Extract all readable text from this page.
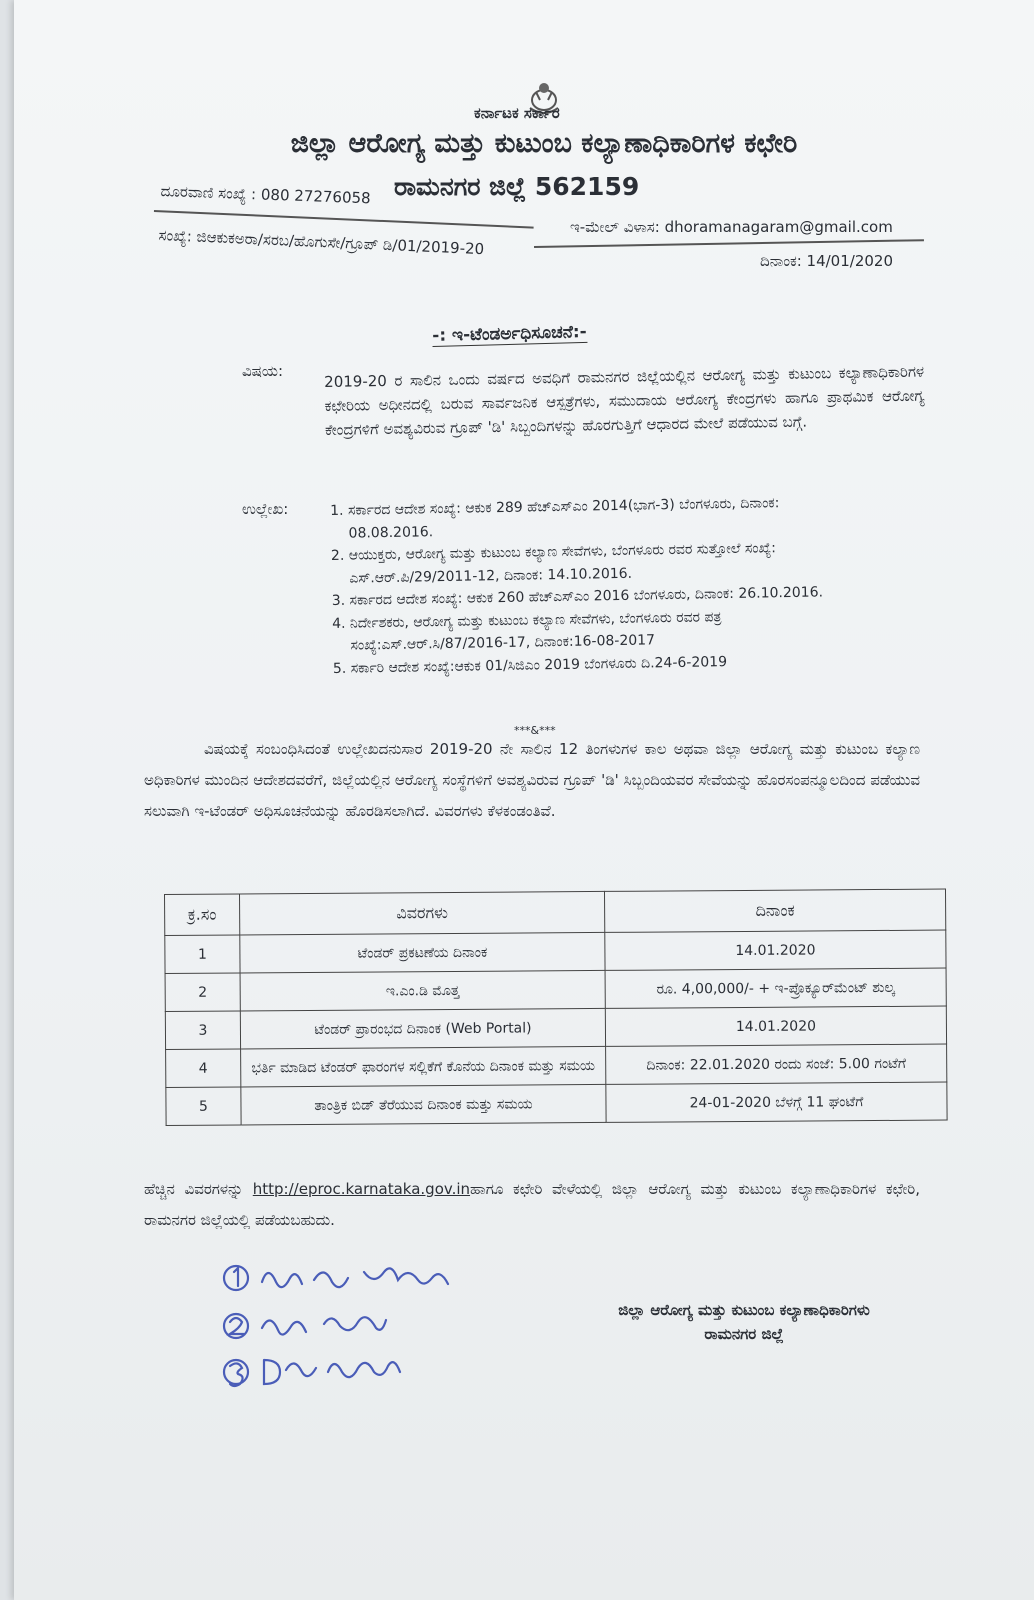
ಕರ್ನಾಟಕ ಸರ್ಕಾರ
ಜಿಲ್ಲಾ ಆರೋಗ್ಯ ಮತ್ತು ಕುಟುಂಬ ಕಲ್ಯಾಣಾಧಿಕಾರಿಗಳ ಕಛೇರಿ
ರಾಮನಗರ ಜಿಲ್ಲೆ 562159
ದೂರವಾಣಿ ಸಂಖ್ಯೆ : 080 27276058
ಇ-ಮೇಲ್ ವಿಳಾಸ: dhoramanagaram@gmail.com
ಸಂಖ್ಯೆ: ಜಿಆಕುಕಅರಾ/ಸರಬ/ಹೊಗುಸೇ/ಗ್ರೂಪ್ ಡಿ/01/2019-20
ದಿನಾಂಕ: 14/01/2020
-: ಇ-ಟೆಂಡರ್ಅಧಿಸೂಚನೆ:-
ವಿಷಯ:	2019-20 ರ ಸಾಲಿನ ಒಂದು ವರ್ಷದ ಅವಧಿಗೆ ರಾಮನಗರ ಜಿಲ್ಲೆಯಲ್ಲಿನ ಆರೋಗ್ಯ ಮತ್ತು ಕುಟುಂಬ ಕಲ್ಯಾಣಾಧಿಕಾರಿಗಳ ಕಛೇರಿಯ ಅಧೀನದಲ್ಲಿ ಬರುವ ಸಾರ್ವಜನಿಕ ಆಸ್ಪತ್ರೆಗಳು, ಸಮುದಾಯ ಆರೋಗ್ಯ ಕೇಂದ್ರಗಳು ಹಾಗೂ ಪ್ರಾಥಮಿಕ ಆರೋಗ್ಯ ಕೇಂದ್ರಗಳಿಗೆ ಅವಶ್ಯವಿರುವ ಗ್ರೂಪ್ 'ಡಿ' ಸಿಬ್ಬಂದಿಗಳನ್ನು ಹೊರಗುತ್ತಿಗೆ ಆಧಾರದ ಮೇಲೆ ಪಡೆಯುವ ಬಗ್ಗೆ.
ಉಲ್ಲೇಖ:	1. ಸರ್ಕಾರದ ಆದೇಶ ಸಂಖ್ಯೆ: ಆಕುಕ 289 ಹೆಚ್ಎಸ್ಎಂ 2014(ಭಾಗ-3) ಬೆಂಗಳೂರು, ದಿನಾಂಕ: 08.08.2016.
2. ಆಯುಕ್ತರು, ಆರೋಗ್ಯ ಮತ್ತು ಕುಟುಂಬ ಕಲ್ಯಾಣ ಸೇವೆಗಳು, ಬೆಂಗಳೂರು ರವರ ಸುತ್ತೋಲೆ ಸಂಖ್ಯೆ: ಎಸ್.ಆರ್.ಪಿ/29/2011-12, ದಿನಾಂಕ: 14.10.2016.
3. ಸರ್ಕಾರದ ಆದೇಶ ಸಂಖ್ಯೆ: ಆಕುಕ 260 ಹೆಚ್ಎಸ್ಎಂ 2016 ಬೆಂಗಳೂರು, ದಿನಾಂಕ: 26.10.2016.
4. ನಿರ್ದೇಶಕರು, ಆರೋಗ್ಯ ಮತ್ತು ಕುಟುಂಬ ಕಲ್ಯಾಣ ಸೇವೆಗಳು, ಬೆಂಗಳೂರು ರವರ ಪತ್ರ ಸಂಖ್ಯೆ:ಎಸ್.ಆರ್.ಸಿ/87/2016-17, ದಿನಾಂಕ:16-08-2017
5. ಸರ್ಕಾರಿ ಆದೇಶ ಸಂಖ್ಯೆ:ಆಕುಕ 01/ಸಿಜಿಎಂ 2019 ಬೆಂಗಳೂರು ದಿ.24-6-2019
***&***
ವಿಷಯಕ್ಕೆ ಸಂಬಂಧಿಸಿದಂತೆ ಉಲ್ಲೇಖದನುಸಾರ 2019-20 ನೇ ಸಾಲಿನ 12 ತಿಂಗಳುಗಳ ಕಾಲ ಅಥವಾ ಜಿಲ್ಲಾ ಆರೋಗ್ಯ ಮತ್ತು ಕುಟುಂಬ ಕಲ್ಯಾಣ ಅಧಿಕಾರಿಗಳ ಮುಂದಿನ ಆದೇಶದವರೆಗೆ, ಜಿಲ್ಲೆಯಲ್ಲಿನ ಆರೋಗ್ಯ ಸಂಸ್ಥೆಗಳಿಗೆ ಅವಶ್ಯವಿರುವ ಗ್ರೂಪ್ 'ಡಿ' ಸಿಬ್ಬಂದಿಯವರ ಸೇವೆಯನ್ನು ಹೊರಸಂಪನ್ಮೂಲದಿಂದ ಪಡೆಯುವ ಸಲುವಾಗಿ ಇ-ಟೆಂಡರ್ ಅಧಿಸೂಚನೆಯನ್ನು ಹೊರಡಿಸಲಾಗಿದೆ. ವಿವರಗಳು ಕೆಳಕಂಡಂತಿವೆ.
ಕ್ರ.ಸಂ	ವಿವರಗಳು	ದಿನಾಂಕ
1	ಟೆಂಡರ್ ಪ್ರಕಟಣೆಯ ದಿನಾಂಕ	14.01.2020
2	ಇ.ಎಂ.ಡಿ ಮೊತ್ತ	ರೂ. 4,00,000/- + ಇ-ಪ್ರೊಕ್ಯೂರ್‌ಮೆಂಟ್ ಶುಲ್ಕ
3	ಟೆಂಡರ್ ಪ್ರಾರಂಭದ ದಿನಾಂಕ (Web Portal)	14.01.2020
4	ಭರ್ತಿ ಮಾಡಿದ ಟೆಂಡರ್ ಫಾರಂಗಳ ಸಲ್ಲಿಕೆಗೆ ಕೊನೆಯ ದಿನಾಂಕ ಮತ್ತು ಸಮಯ	ದಿನಾಂಕ: 22.01.2020 ರಂದು ಸಂಜೆ: 5.00 ಗಂಟೆಗೆ
5	ತಾಂತ್ರಿಕ ಬಿಡ್ ತೆರೆಯುವ ದಿನಾಂಕ ಮತ್ತು ಸಮಯ	24-01-2020 ಬೆಳಗ್ಗೆ 11 ಘಂಟೆಗೆ
ಹೆಚ್ಚಿನ ವಿವರಗಳನ್ನು http://eproc.karnataka.gov.inಹಾಗೂ ಕಛೇರಿ ವೇಳೆಯಲ್ಲಿ ಜಿಲ್ಲಾ ಆರೋಗ್ಯ ಮತ್ತು ಕುಟುಂಬ ಕಲ್ಯಾಣಾಧಿಕಾರಿಗಳ ಕಛೇರಿ, ರಾಮನಗರ ಜಿಲ್ಲೆಯಲ್ಲಿ ಪಡೆಯಬಹುದು.
ಜಿಲ್ಲಾ ಆರೋಗ್ಯ ಮತ್ತು ಕುಟುಂಬ ಕಲ್ಯಾಣಾಧಿಕಾರಿಗಳು
ರಾಮನಗರ ಜಿಲ್ಲೆ
